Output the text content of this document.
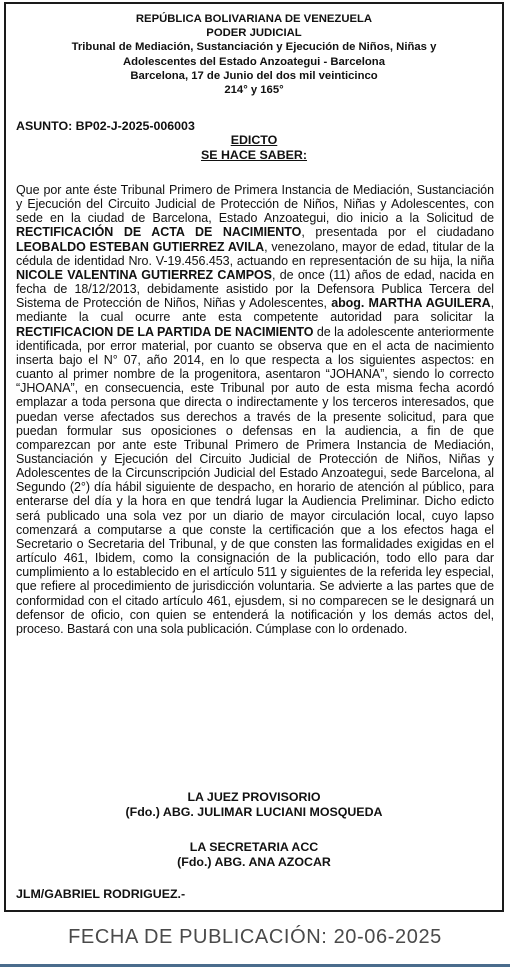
REPÚBLICA BOLIVARIANA DE VENEZUELA
PODER JUDICIAL
Tribunal de Mediación, Sustanciación y Ejecución de Niños, Niñas y
Adolescentes del Estado Anzoategui - Barcelona
Barcelona, 17 de Junio del dos mil veinticinco
214° y 165°
ASUNTO: BP02-J-2025-006003
EDICTO
SE HACE SABER:
Que por ante éste Tribunal Primero de Primera Instancia de Mediación, Sustanciación y Ejecución del Circuito Judicial de Protección de Niños, Niñas y Adolescentes, con sede en la ciudad de Barcelona, Estado Anzoategui, dio inicio a la Solicitud de RECTIFICACIÓN DE ACTA DE NACIMIENTO, presentada por el ciudadano LEOBALDO ESTEBAN GUTIERREZ AVILA, venezolano, mayor de edad, titular de la cédula de identidad Nro. V-19.456.453, actuando en representación de su hija, la niña NICOLE VALENTINA GUTIERREZ CAMPOS, de once (11) años de edad, nacida en fecha de 18/12/2013, debidamente asistido por la Defensora Publica Tercera del Sistema de Protección de Niños, Niñas y Adolescentes, abog. MARTHA AGUILERA, mediante la cual ocurre ante esta competente autoridad para solicitar la RECTIFICACION DE LA PARTIDA DE NACIMIENTO de la adolescente anteriormente identificada, por error material, por cuanto se observa que en el acta de nacimiento inserta bajo el N° 07, año 2014, en lo que respecta a los siguientes aspectos: en cuanto al primer nombre de la progenitora, asentaron “JOHANA”, siendo lo correcto “JHOANA”, en consecuencia, este Tribunal por auto de esta misma fecha acordó emplazar a toda persona que directa o indirectamente y los terceros interesados, que puedan verse afectados sus derechos a través de la presente solicitud, para que puedan formular sus oposiciones o defensas en la audiencia, a fin de que comparezcan por ante este Tribunal Primero de Primera Instancia de Mediación, Sustanciación y Ejecución del Circuito Judicial de Protección de Niños, Niñas y Adolescentes de la Circunscripción Judicial del Estado Anzoategui, sede Barcelona, al Segundo (2°) día hábil siguiente de despacho, en horario de atención al público, para enterarse del día y la hora en que tendrá lugar la Audiencia Preliminar. Dicho edicto será publicado una sola vez por un diario de mayor circulación local, cuyo lapso comenzará a computarse a que conste la certificación que a los efectos haga el Secretario o Secretaria del Tribunal, y de que consten las formalidades exigidas en el artículo 461, Ibidem, como la consignación de la publicación, todo ello para dar cumplimiento a lo establecido en el artículo 511 y siguientes de la referida ley especial, que refiere al procedimiento de jurisdicción voluntaria. Se advierte a las partes que de conformidad con el citado artículo 461, ejusdem, si no comparecen se le designará un defensor de oficio, con quien se entenderá la notificación y los demás actos del, proceso. Bastará con una sola publicación. Cúmplase con lo ordenado.
LA JUEZ PROVISORIO
(Fdo.) ABG. JULIMAR LUCIANI MOSQUEDA
LA SECRETARIA ACC
(Fdo.) ABG. ANA AZOCAR
JLM/GABRIEL RODRIGUEZ.-
FECHA DE PUBLICACIÓN: 20-06-2025
